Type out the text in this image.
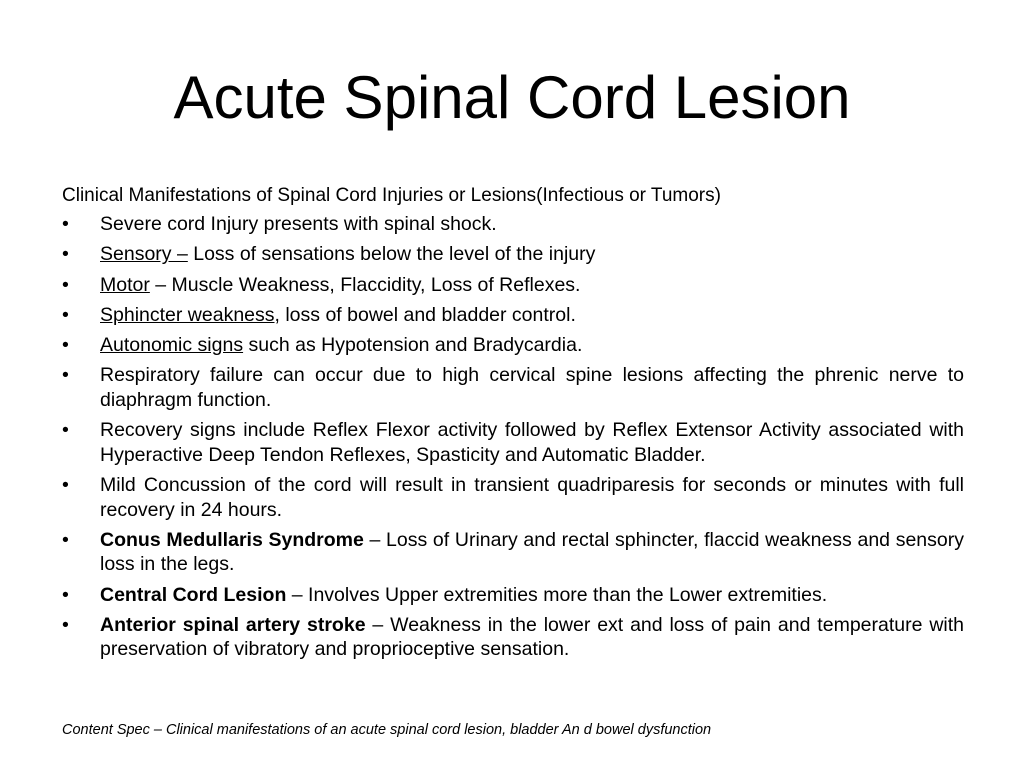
Acute Spinal Cord Lesion
Clinical Manifestations of Spinal Cord Injuries or Lesions(Infectious or Tumors)
• Severe cord Injury presents with spinal shock.
• Sensory – Loss of sensations below the level of the injury
• Motor – Muscle Weakness, Flaccidity, Loss of Reflexes.
• Sphincter weakness, loss of bowel and bladder control.
• Autonomic signs such as Hypotension and Bradycardia.
• Respiratory failure can occur due to high cervical spine lesions affecting the phrenic nerve to diaphragm function.
• Recovery signs include Reflex Flexor activity followed by Reflex Extensor Activity associated with Hyperactive Deep Tendon Reflexes, Spasticity and Automatic Bladder.
• Mild Concussion of the cord will result in transient quadriparesis for seconds or minutes with full recovery in 24 hours.
• Conus Medullaris Syndrome – Loss of Urinary and rectal sphincter, flaccid weakness and sensory loss in the legs.
• Central Cord Lesion – Involves Upper extremities more than the Lower extremities.
• Anterior spinal artery stroke – Weakness in the lower ext and loss of pain and temperature with preservation of vibratory and proprioceptive sensation.
Content Spec – Clinical manifestations of an acute spinal cord lesion, bladder An d bowel dysfunction
